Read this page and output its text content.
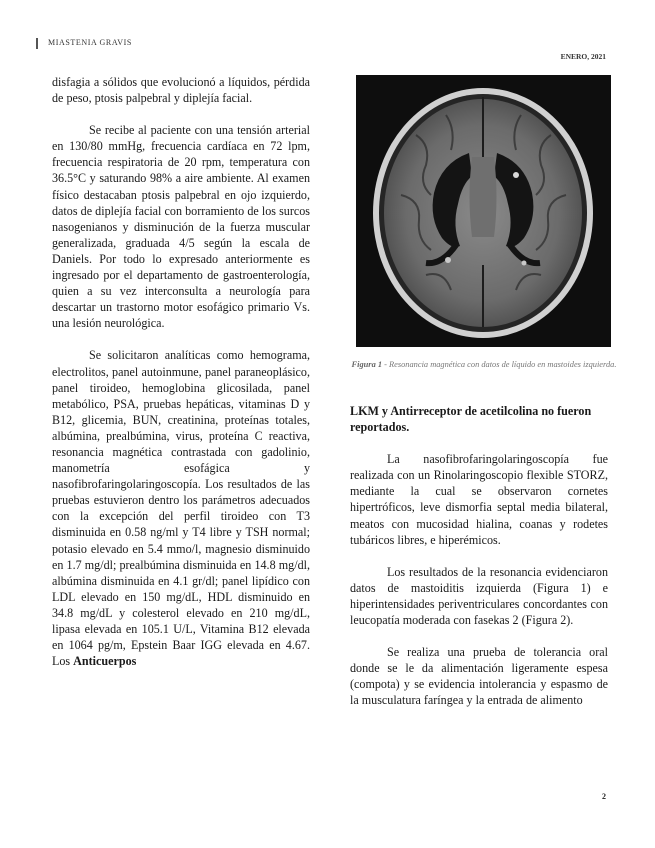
MIASTENIA GRAVIS
ENERO, 2021

disfagia a sólidos que evolucionó a líquidos, pérdida de peso, ptosis palpebral y diplejía facial.

Se recibe al paciente con una tensión arterial en 130/80 mmHg, frecuencia cardíaca en 72 lpm, frecuencia respiratoria de 20 rpm, temperatura con 36.5°C y saturando 98% a aire ambiente. Al examen físico destacaban ptosis palpebral en ojo izquierdo, datos de diplejía facial con borramiento de los surcos nasogenianos y disminución de la fuerza muscular generalizada, graduada 4/5 según la escala de Daniels. Por todo lo expresado anteriormente es ingresado por el departamento de gastroenterología, quien a su vez interconsulta a neurología para descartar un trastorno motor esofágico primario Vs. una lesión neurológica.

Se solicitaron analíticas como hemograma, electrolitos, panel autoinmune, panel paraneoplásico, panel tiroideo, hemoglobina glicosilada, panel metabólico, PSA, pruebas hepáticas, vitaminas D y B12, glicemia, BUN, creatinina, proteínas totales, albúmina, prealbúmina, virus, proteína C reactiva, resonancia magnética contrastada con gadolinio, manometría esofágica y nasofibrofaringolaringoscopía. Los resultados de las pruebas estuvieron dentro los parámetros adecuados con la excepción del perfil tiroideo con T3 disminuida en 0.58 ng/ml y T4 libre y TSH normal; potasio elevado en 5.4 mmo/l, magnesio disminuido en 1.7 mg/dl; prealbúmina disminuida en 14.8 mg/dl, albúmina disminuida en 4.1 gr/dl; panel lipídico con LDL elevado en 150 mg/dL, HDL disminuido en 34.8 mg/dL y colesterol elevado en 210 mg/dL, lipasa elevada en 105.1 U/L, Vitamina B12 elevada en 1064 pg/m, Epstein Baar IGG elevada en 4.67. Los Anticuerpos

Figura 1 - Resonancia magnética con datos de líquido en mastoides izquierda.

LKM y Antirreceptor de acetilcolina no fueron reportados.

La nasofibrofaringolaringoscopía fue realizada con un Rinolaringoscopio flexible STORZ, mediante la cual se observaron cornetes hipertróficos, leve dismorfia septal media bilateral, meatos con mucosidad hialina, coanas y rodetes tubáricos libres, e hiperémicos.

Los resultados de la resonancia evidenciaron datos de mastoiditis izquierda (Figura 1) e hiperintensidades periventriculares concordantes con leucopatía moderada con fasekas 2 (Figura 2).

Se realiza una prueba de tolerancia oral donde se le da alimentación ligeramente espesa (compota) y se evidencia intolerancia y espasmo de la musculatura faríngea y la entrada de alimento

2
